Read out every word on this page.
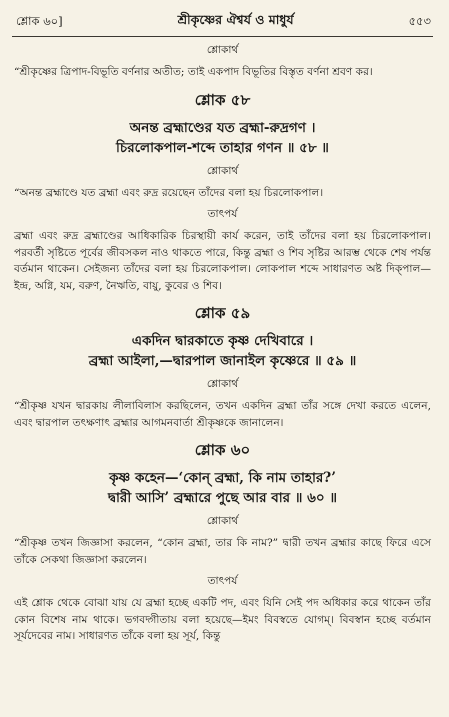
শ্লোক ৬০]	শ্রীকৃষ্ণের ঐশ্বর্য ও মাধুর্য	৫৫৩
শ্লোকার্থ

“শ্রীকৃষ্ণের ত্রিপাদ-বিভূতি বর্ণনার অতীত; তাই একপাদ বিভূতির বিস্তৃত বর্ণনা শ্রবণ কর।

শ্লোক ৫৮
অনন্ত ব্রহ্মাণ্ডের যত ব্রহ্মা-রুদ্রগণ ।
চিরলোকপাল-শব্দে তাহার গণন ॥ ৫৮ ॥
শ্লোকার্থ

“অনন্ত ব্রহ্মাণ্ডে যত ব্রহ্মা এবং রুদ্র রয়েছেন তাঁদের বলা হয় চিরলোকপাল।

তাৎপর্য

ব্রহ্মা এবং রুদ্র ব্রহ্মাণ্ডের আধিকারিক চিরস্থায়ী কার্য করেন, তাই তাঁদের বলা হয় চিরলোকপাল। পরবর্তী সৃষ্টিতে পূর্বের জীবসকল নাও থাকতে পারে, কিন্তু ব্রহ্মা ও শিব সৃষ্টির আরম্ভ থেকে শেষ পর্যন্ত বর্তমান থাকেন। সেইজন্য তাঁদের বলা হয় চিরলোকপাল। লোকপাল শব্দে সাধারণত অষ্ট দিক্পাল—ইন্দ্র, অগ্নি, যম, বরুণ, নৈঋতি, বায়ু, কুবের ও শিব।

শ্লোক ৫৯
একদিন দ্বারকাতে কৃষ্ণ দেখিবারে ।
ব্রহ্মা আইলা,—দ্বারপাল জানাইল কৃষ্ণেরে ॥ ৫৯ ॥
শ্লোকার্থ

“শ্রীকৃষ্ণ যখন দ্বারকায় লীলাবিলাস করছিলেন, তখন একদিন ব্রহ্মা তাঁর সঙ্গে দেখা করতে এলেন, এবং দ্বারপাল তৎক্ষণাৎ ব্রহ্মার আগমনবার্তা শ্রীকৃষ্ণকে জানালেন।

শ্লোক ৬০
কৃষ্ণ কহেন—‘কোন্ ব্রহ্মা, কি নাম তাহার?’
দ্বারী আসি’ ব্রহ্মারে পুছে আর বার ॥ ৬০ ॥
শ্লোকার্থ

“শ্রীকৃষ্ণ তখন জিজ্ঞাসা করলেন, “কোন ব্রহ্মা, তার কি নাম?” দ্বারী তখন ব্রহ্মার কাছে ফিরে এসে তাঁকে সেকথা জিজ্ঞাসা করলেন।

তাৎপর্য

এই শ্লোক থেকে বোঝা যায় যে ব্রহ্মা হচ্ছে একটি পদ, এবং যিনি সেই পদ অধিকার করে থাকেন তাঁর কোন বিশেষ নাম থাকে। ভগবদ্গীতায় বলা হয়েছে—ইমং বিবস্বতে যোগম্। বিবস্বান হচ্ছে বর্তমান সূর্যদেবের নাম। সাধারণত তাঁকে বলা হয় সূর্য, কিন্তু
